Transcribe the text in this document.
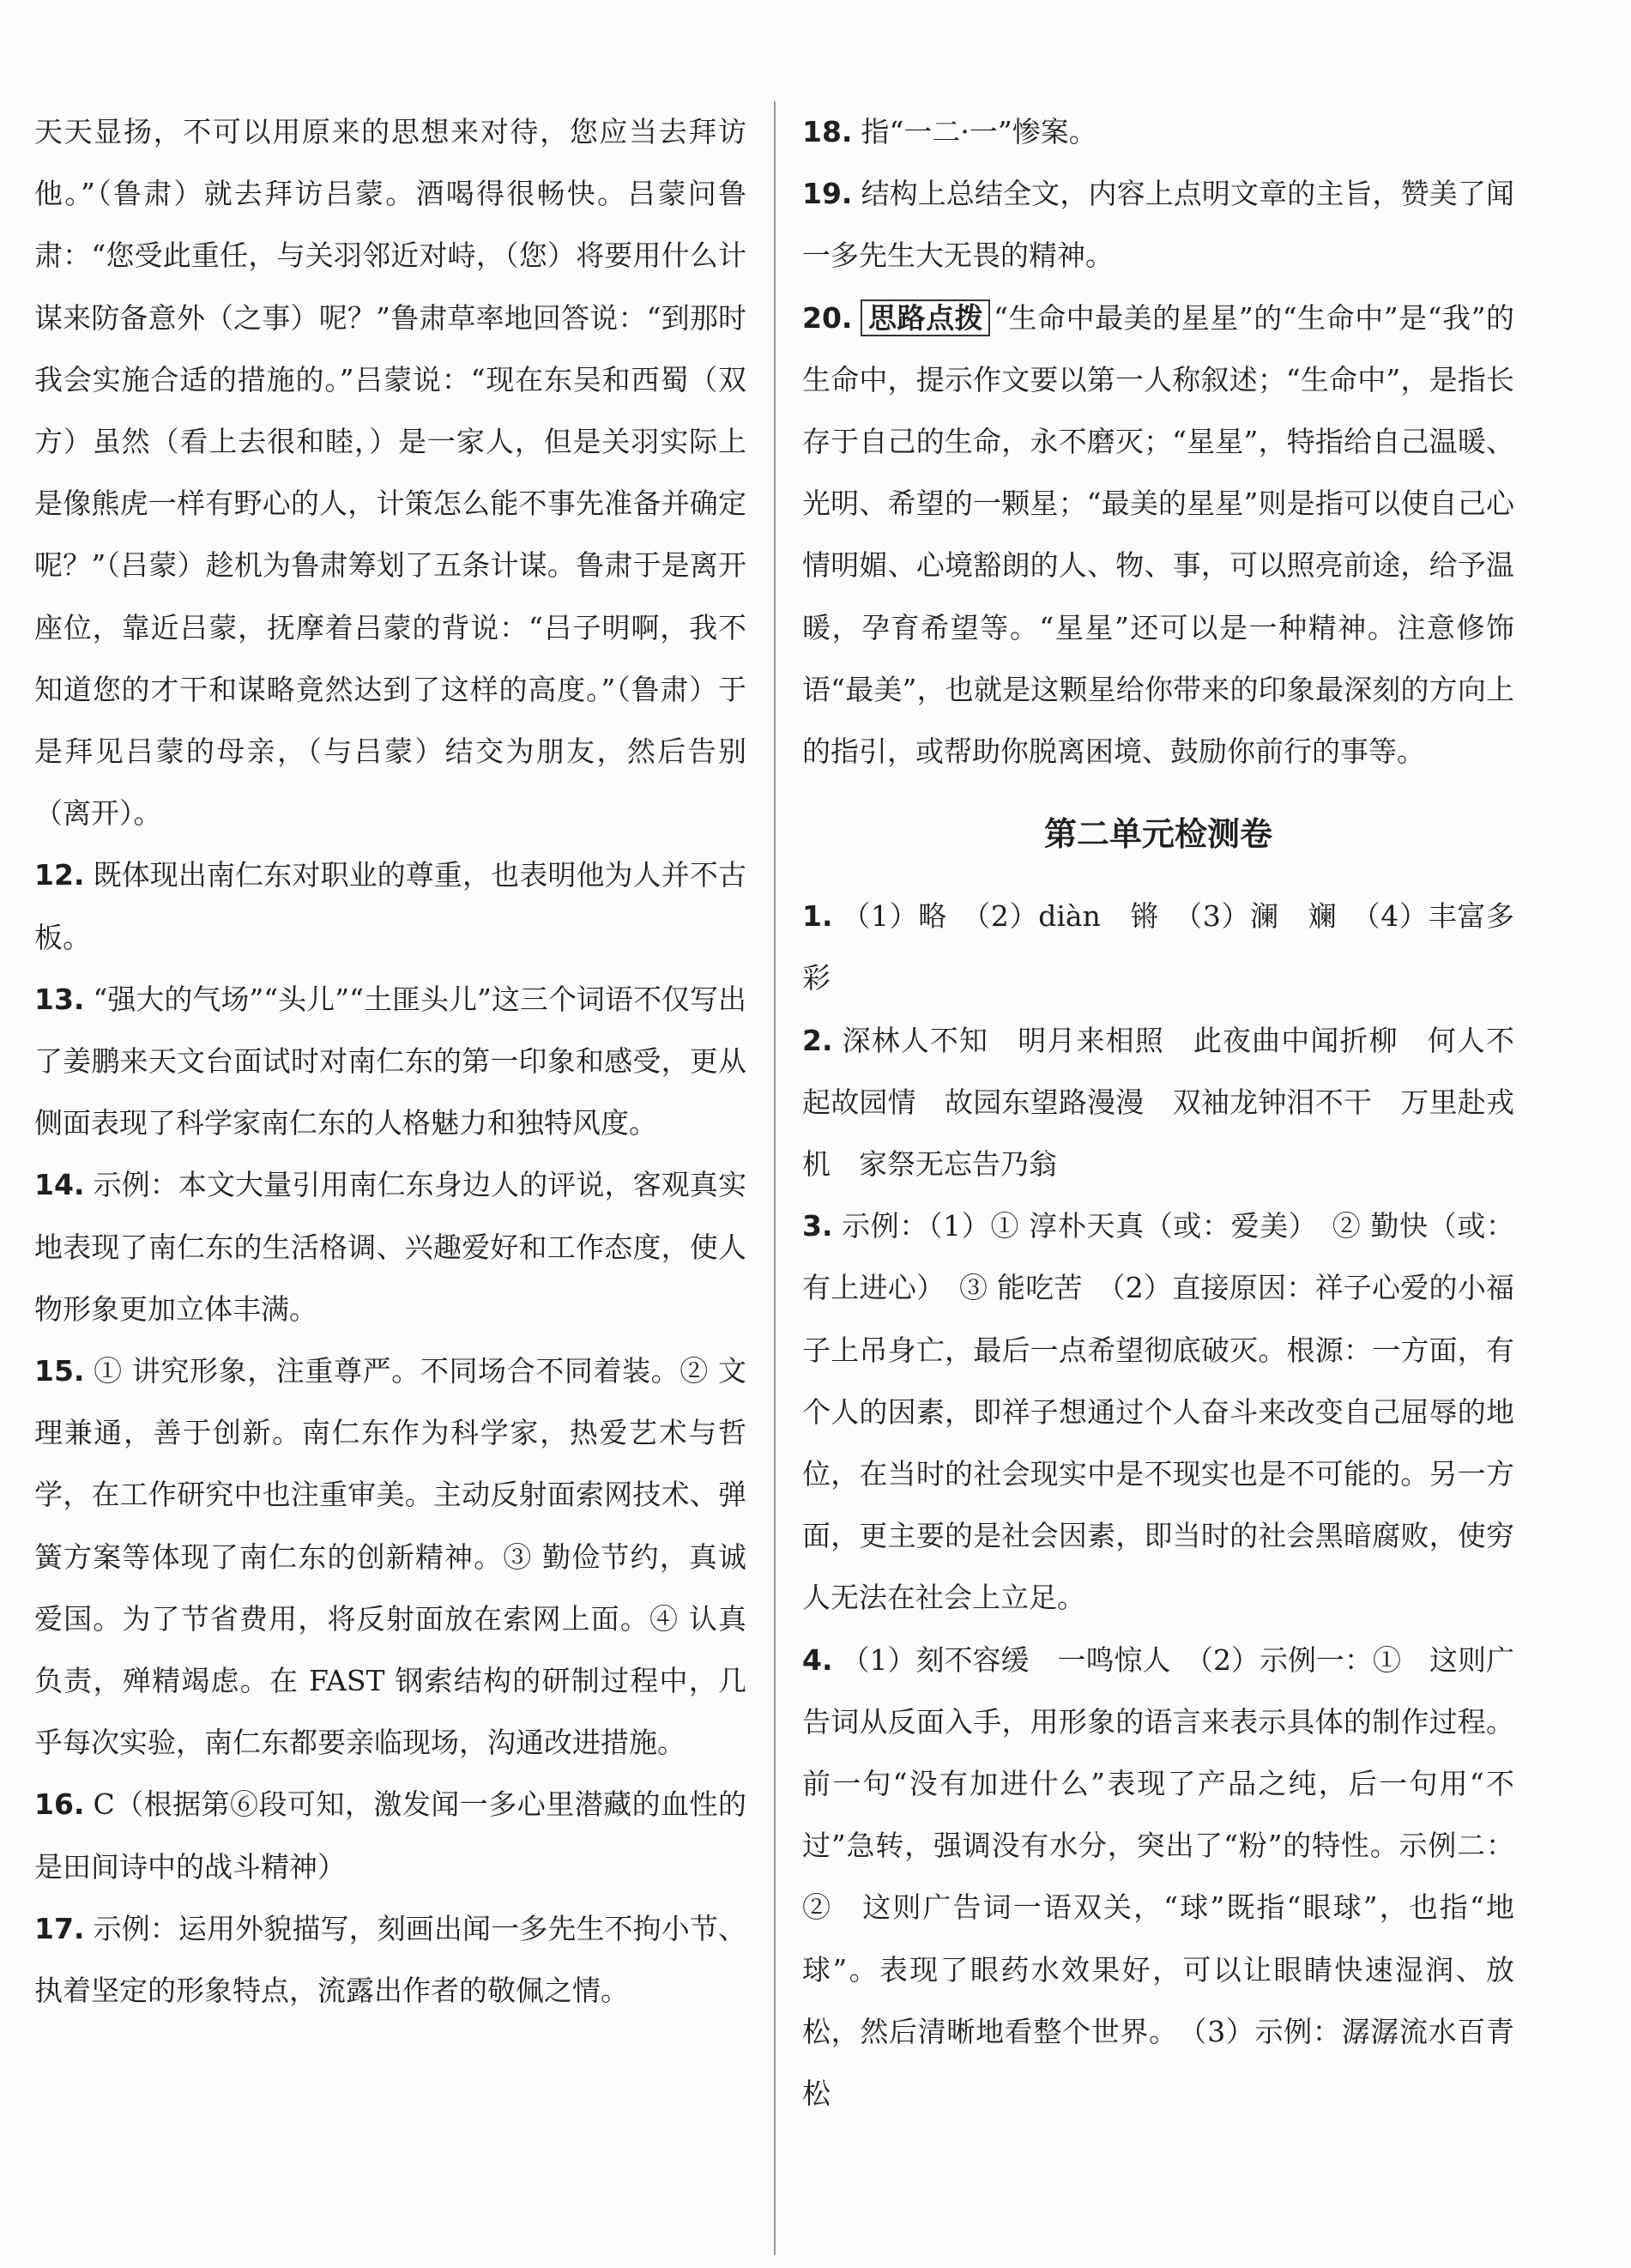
天天显扬，不可以用原来的思想来对待，您应当去拜访他。”（鲁肃）就去拜访吕蒙。酒喝得很畅快。吕蒙问鲁肃：“您受此重任，与关羽邻近对峙，（您）将要用什么计谋来防备意外（之事）呢？”鲁肃草率地回答说：“到那时我会实施合适的措施的。”吕蒙说：“现在东吴和西蜀（双方）虽然（看上去很和睦，）是一家人，但是关羽实际上是像熊虎一样有野心的人，计策怎么能不事先准备并确定呢？”（吕蒙）趁机为鲁肃筹划了五条计谋。鲁肃于是离开座位，靠近吕蒙，抚摩着吕蒙的背说：“吕子明啊，我不知道您的才干和谋略竟然达到了这样的高度。”（鲁肃）于是拜见吕蒙的母亲，（与吕蒙）结交为朋友，然后告别（离开）。

12. 既体现出南仁东对职业的尊重，也表明他为人并不古板。

13. “强大的气场”“头儿”“土匪头儿”这三个词语不仅写出了姜鹏来天文台面试时对南仁东的第一印象和感受，更从侧面表现了科学家南仁东的人格魅力和独特风度。

14. 示例：本文大量引用南仁东身边人的评说，客观真实地表现了南仁东的生活格调、兴趣爱好和工作态度，使人物形象更加立体丰满。

15. ① 讲究形象，注重尊严。不同场合不同着装。② 文理兼通，善于创新。南仁东作为科学家，热爱艺术与哲学，在工作研究中也注重审美。主动反射面索网技术、弹簧方案等体现了南仁东的创新精神。③ 勤俭节约，真诚爱国。为了节省费用，将反射面放在索网上面。④ 认真负责，殚精竭虑。在 FAST 钢索结构的研制过程中，几乎每次实验，南仁东都要亲临现场，沟通改进措施。

16. C（根据第⑥段可知，激发闻一多心里潜藏的血性的是田间诗中的战斗精神）

17. 示例：运用外貌描写，刻画出闻一多先生不拘小节、执着坚定的形象特点，流露出作者的敬佩之情。

18. 指“一二·一”惨案。

19. 结构上总结全文，内容上点明文章的主旨，赞美了闻一多先生大无畏的精神。

20. 思路点拨 “生命中最美的星星”的“生命中”是“我”的生命中，提示作文要以第一人称叙述；“生命中”，是指长存于自己的生命，永不磨灭；“星星”，特指给自己温暖、光明、希望的一颗星；“最美的星星”则是指可以使自己心情明媚、心境豁朗的人、物、事，可以照亮前途，给予温暖，孕育希望等。“星星”还可以是一种精神。注意修饰语“最美”，也就是这颗星给你带来的印象最深刻的方向上的指引，或帮助你脱离困境、鼓励你前行的事等。

第二单元检测卷

1. （1）略　（2）diàn　锵　（3）澜　斓　（4）丰富多彩

2. 深林人不知　明月来相照　此夜曲中闻折柳　何人不起故园情　故园东望路漫漫　双袖龙钟泪不干　万里赴戎机　家祭无忘告乃翁

3. 示例：（1）① 淳朴天真（或：爱美）　② 勤快（或：有上进心）　③ 能吃苦　（2）直接原因：祥子心爱的小福子上吊身亡，最后一点希望彻底破灭。根源：一方面，有个人的因素，即祥子想通过个人奋斗来改变自己屈辱的地位，在当时的社会现实中是不现实也是不可能的。另一方面，更主要的是社会因素，即当时的社会黑暗腐败，使穷人无法在社会上立足。

4. （1）刻不容缓　一鸣惊人　（2）示例一：①　这则广告词从反面入手，用形象的语言来表示具体的制作过程。前一句“没有加进什么”表现了产品之纯，后一句用“不过”急转，强调没有水分，突出了“粉”的特性。示例二：②　这则广告词一语双关，“球”既指“眼球”，也指“地球”。表现了眼药水效果好，可以让眼睛快速湿润、放松，然后清晰地看整个世界。　（3）示例：潺潺流水百青松
